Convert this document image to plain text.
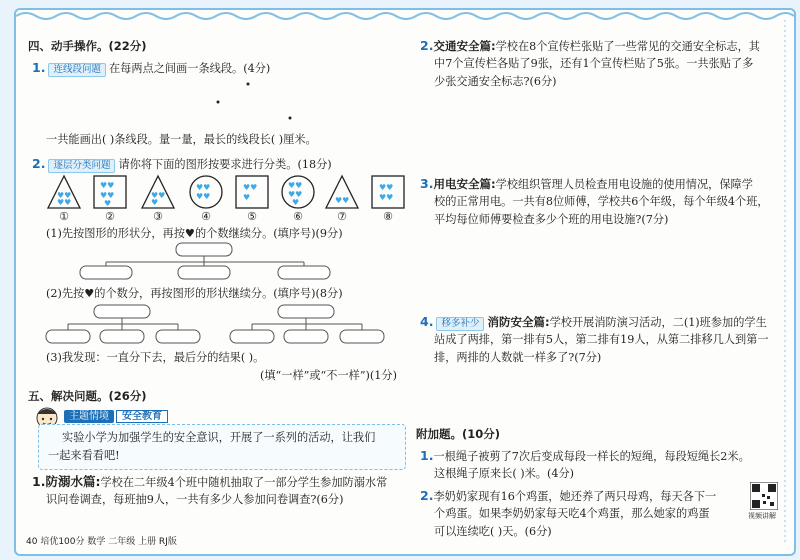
四、动手操作。(22分)
1. 连线段问题 在每两点之间画一条线段。(4分)
一共能画出( )条线段。量一量，最长的线段长( )厘米。
2. 逐层分类问题 请你将下面的图形按要求进行分类。(18分)
♥♥
♥♥
♥♥
♥♥
♥
♥♥
♥
♥♥
♥♥
♥♥
♥
♥♥
♥♥
♥	♥♥
♥♥
♥♥
①	②	③	④	⑤	⑥	⑦	⑧
(1)先按图形的形状分，再按♥的个数继续分。(填序号)(9分)
(2)先按♥的个数分，再按图形的形状继续分。(填序号)(8分)
(3)我发现：一直分下去，最后分的结果( )。
(填“一样”或“不一样”)(1分)
五、解决问题。(26分)
主题情境 安全教育
实验小学为加强学生的安全意识，开展了一系列的活动，让我们
一起来看看吧!
1.防溺水篇:学校在二年级4个班中随机抽取了一部分学生参加防溺水常
识问卷调查，每班抽9人，一共有多少人参加问卷调查?(6分)
2.交通安全篇:学校在8个宣传栏张贴了一些常见的交通安全标志，其
中7个宣传栏各贴了9张，还有1个宣传栏贴了5张。一共张贴了多
少张交通安全标志?(6分)
3.用电安全篇:学校组织管理人员检查用电设施的使用情况，保障学
校的正常用电。一共有8位师傅，学校共6个年级，每个年级4个班，
平均每位师傅要检查多少个班的用电设施?(7分)
4. 移多补少 消防安全篇:学校开展消防演习活动，二(1)班参加的学生
站成了两排，第一排有5人，第二排有19人，从第二排移几人到第一
排，两排的人数就一样多了?(7分)
附加题。(10分)
1.一根绳子被剪了7次后变成每段一样长的短绳，每段短绳长2米。
这根绳子原来长( )米。(4分)
2.李奶奶家现有16个鸡蛋，她还养了两只母鸡，每天各下一
个鸡蛋。如果李奶奶家每天吃4个鸡蛋，那么她家的鸡蛋
可以连续吃( )天。(6分)
视频讲解
40 培优100分 数学 二年级 上册 RJ版
